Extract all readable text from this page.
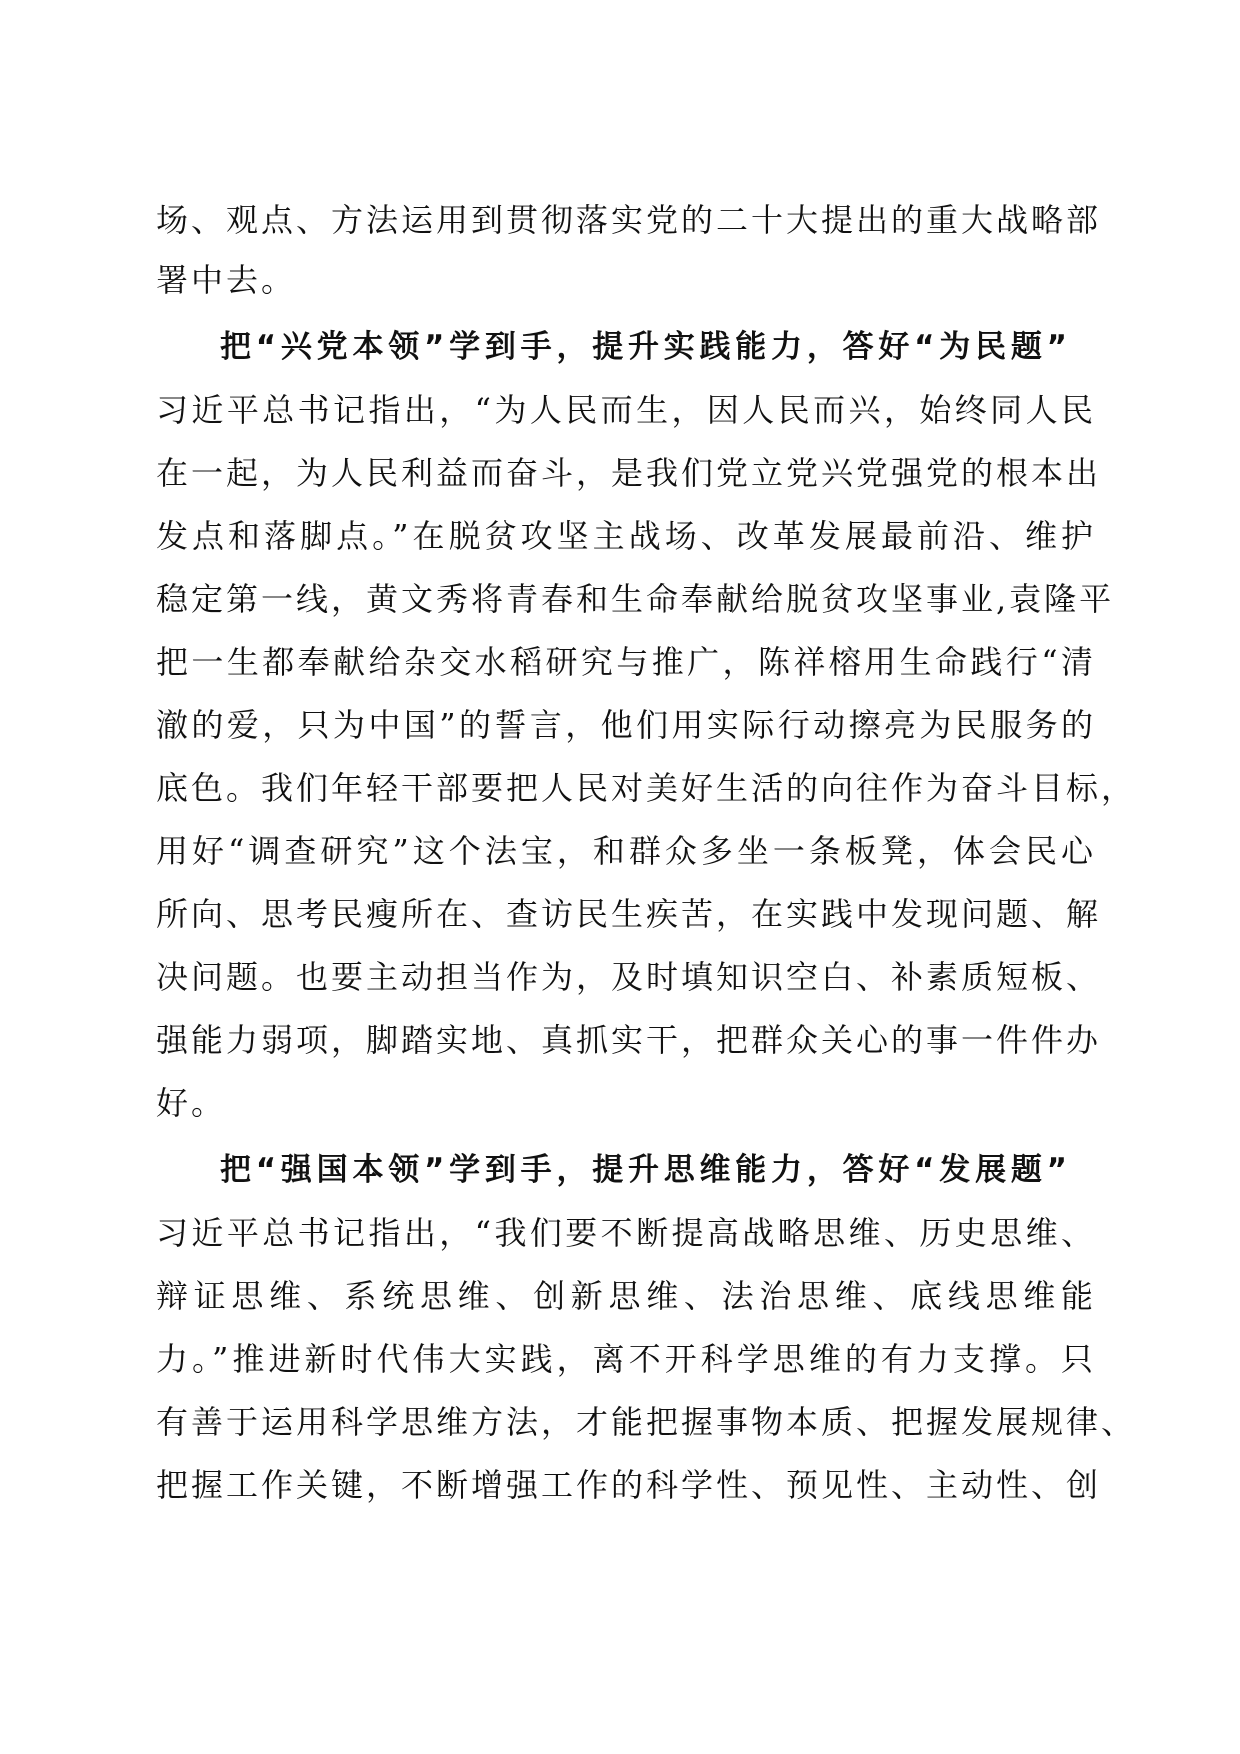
场、观点、方法运用到贯彻落实党的二十大提出的重大战略部
署中去。
把“兴党本领”学到手，提升实践能力，答好“为民题”
习近平总书记指出，“为人民而生，因人民而兴，始终同人民
在一起，为人民利益而奋斗，是我们党立党兴党强党的根本出
发点和落脚点。”在脱贫攻坚主战场、改革发展最前沿、维护
稳定第一线，黄文秀将青春和生命奉献给脱贫攻坚事业,袁隆平
把一生都奉献给杂交水稻研究与推广，陈祥榕用生命践行“清
澈的爱，只为中国”的誓言，他们用实际行动擦亮为民服务的
底色。我们年轻干部要把人民对美好生活的向往作为奋斗目标，
用好“调查研究”这个法宝，和群众多坐一条板凳，体会民心
所向、思考民瘦所在、查访民生疾苦，在实践中发现问题、解
决问题。也要主动担当作为，及时填知识空白、补素质短板、
强能力弱项，脚踏实地、真抓实干，把群众关心的事一件件办
好。
把“强国本领”学到手，提升思维能力，答好“发展题”
习近平总书记指出，“我们要不断提高战略思维、历史思维、
辩证思维、系统思维、创新思维、法治思维、底线思维能
力。”推进新时代伟大实践，离不开科学思维的有力支撑。只
有善于运用科学思维方法，才能把握事物本质、把握发展规律、
把握工作关键，不断增强工作的科学性、预见性、主动性、创
